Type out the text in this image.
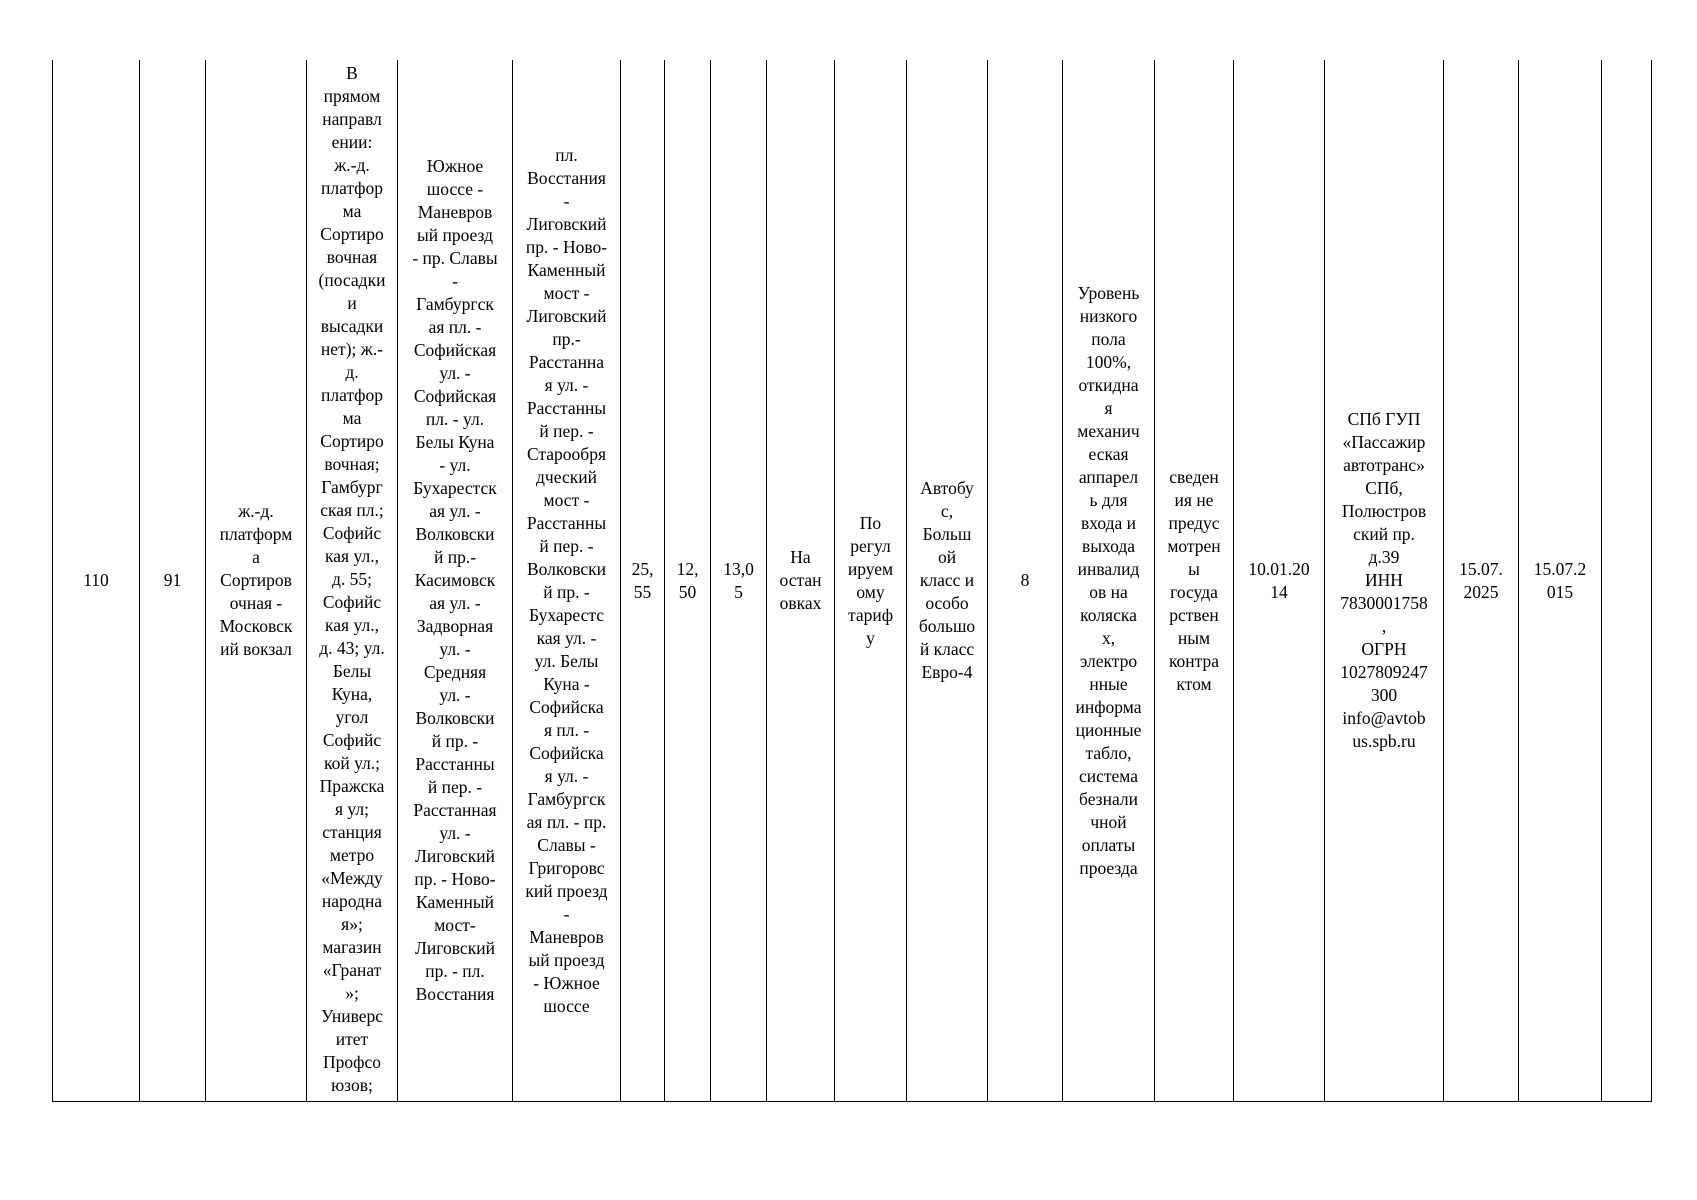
110	91	ж.-д.
платформ
а
Сортиров
очная -
Московск
ий вокзал	В
прямом
направл
ении:
ж.-д.
платфор
ма
Сортиро
вочная
(посадки
и
высадки
нет); ж.-
д.
платфор
ма
Сортиро
вочная;
Гамбург
ская пл.;
Софийс
кая ул.,
д. 55;
Софийс
кая ул.,
д. 43; ул.
Белы
Куна,
угол
Софийс
кой ул.;
Пражска
я ул;
станция
метро
«Между
народна
я»;
магазин
«Гранат
»;
Универс
итет
Профсо
юзов;	Южное
шоссе -
Маневров
ый проезд
- пр. Славы
-
Гамбургск
ая пл. -
Софийская
ул. -
Софийская
пл. - ул.
Белы Куна
- ул.
Бухарестск
ая ул. -
Волковски
й пр.-
Касимовск
ая ул. -
Задворная
ул. -
Средняя
ул. -
Волковски
й пр. -
Расстанны
й пер. -
Расстанная
ул. -
Лиговский
пр. - Ново-
Каменный
мост-
Лиговский
пр. - пл.
Восстания	пл.
Восстания
-
Лиговский
пр. - Ново-
Каменный
мост -
Лиговский
пр.-
Расстанна
я ул. -
Расстанны
й пер. -
Старообря
дческий
мост -
Расстанны
й пер. -
Волковски
й пр. -
Бухарестс
кая ул. -
ул. Белы
Куна -
Софийска
я пл. -
Софийска
я ул. -
Гамбургск
ая пл. - пр.
Славы -
Григоровс
кий проезд
-
Маневров
ый проезд
- Южное
шоссе	25,
55	12,
50	13,0
5	На
остан
овках	По
регул
ируем
ому
тариф
у	Автобу
с,
Больш
ой
класс и
особо
большо
й класс
Евро-4	8	Уровень
низкого
пола
100%,
откидна
я
механич
еская
аппарел
ь для
входа и
выхода
инвалид
ов на
коляска
х,
электро
нные
информа
ционные
табло,
система
безнали
чной
оплаты
проезда	сведен
ия не
предус
мотрен
ы
госуда
рствен
ным
контра
ктом	10.01.20
14	СПб ГУП
«Пассажир
автотранс»
СПб,
Полюстров
ский пр.
д.39
ИНН
7830001758
,
ОГРН
1027809247
300
info@avtob
us.spb.ru	15.07.
2025	15.07.2
015	
